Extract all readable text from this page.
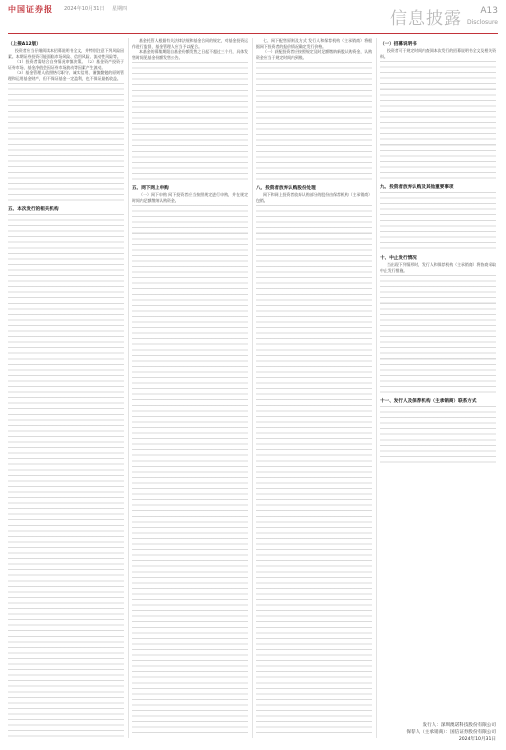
中国证券报 2024年10月31日 星期四	信息披露 A13
Disclosure
（上接A12版）

投资者应当仔细阅读本招募说明书全文，并特别注意下列风险因素。本期证券投资可能面临市场风险、信用风险、流动性风险等。

（1）投资者需结合自身情况审慎决策。（2）基金资产投资于证券市场，基金净值会因证券市场波动等因素产生波动。

（3）基金管理人依照恪尽职守、诚实信用、谨慎勤勉的原则管理和运用基金财产，但不保证基金一定盈利，也不保证最低收益。

五、本次发行的相关机构

基金托管人根据有关法律法规和基金合同的规定，对基金投资运作进行监督，基金管理人应当予以配合。

本基金的募集期限自基金份额发售之日起不超过三个月，具体发售时间见基金份额发售公告。

五、网下网上申购

（一）网下申购 网下投资者应当按照规定进行申购，并在规定时间内足额缴纳认购资金。

七、网下配售原则及方式 发行人和保荐机构（主承销商）将根据网下投资者的报价情况确定发行价格。

（一）获配投资者应按照规定及时足额缴纳新股认购资金，认购资金应当于规定时间内到账。

八、投资者放弃认购股份处理

网下和网上投资者放弃认购部分的股份由保荐机构（主承销商）包销。

（一）招募说明书

投资者可于规定时间内查阅本次发行的招募说明书全文及相关资料。

九、投资者放弃认购及其他重要事项
十、中止发行情况

当出现下列情形时，发行人和保荐机构（主承销商）将协商采取中止发行措施。

十一、发行人及保荐机构（主承销商）联系方式
发行人：深圳澳诺科技股份有限公司
保荐人（主承销商）：国信证券股份有限公司
2024年10月31日
